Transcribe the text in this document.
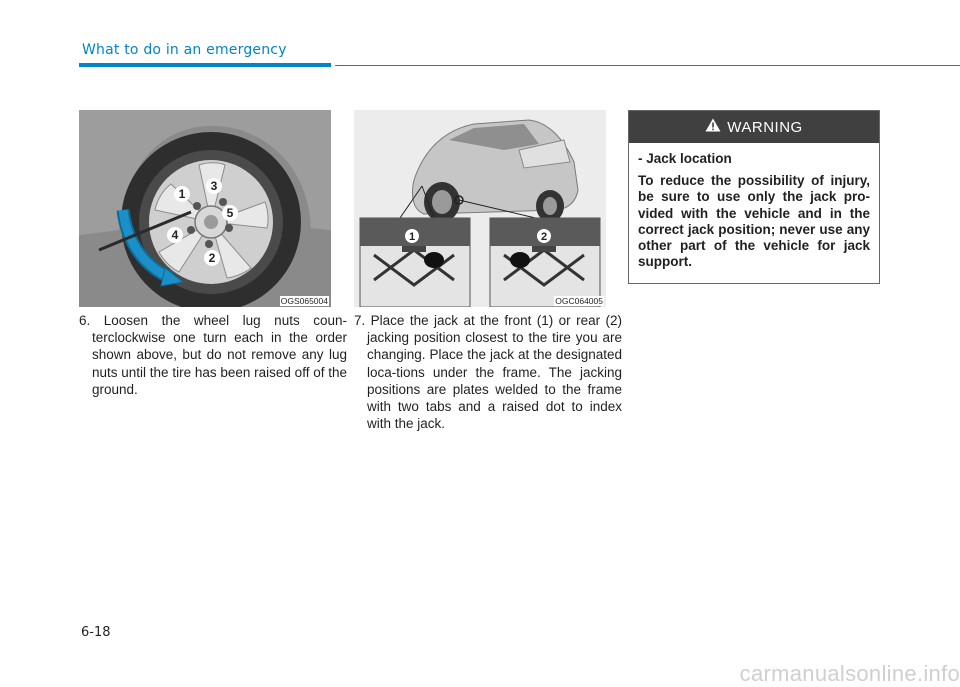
What to do in an emergency
1
2
3
4
5
OGS065004
1	2
OGC064005
6. Loosen the wheel lug nuts coun-terclockwise one turn each in the order shown above, but do not remove any lug nuts until the tire has been raised off of the ground.
7. Place the jack at the front (1) or rear (2) jacking position closest to the tire you are changing. Place the jack at the designated loca-tions under the frame. The jacking positions are plates welded to the frame with two tabs and a raised dot to index with the jack.
WARNING
- Jack location
To reduce the possibility of injury, be sure to use only the jack pro-vided with the vehicle and in the correct jack position; never use any other part of the vehicle for jack support.
6-18
carmanualsonline.info
